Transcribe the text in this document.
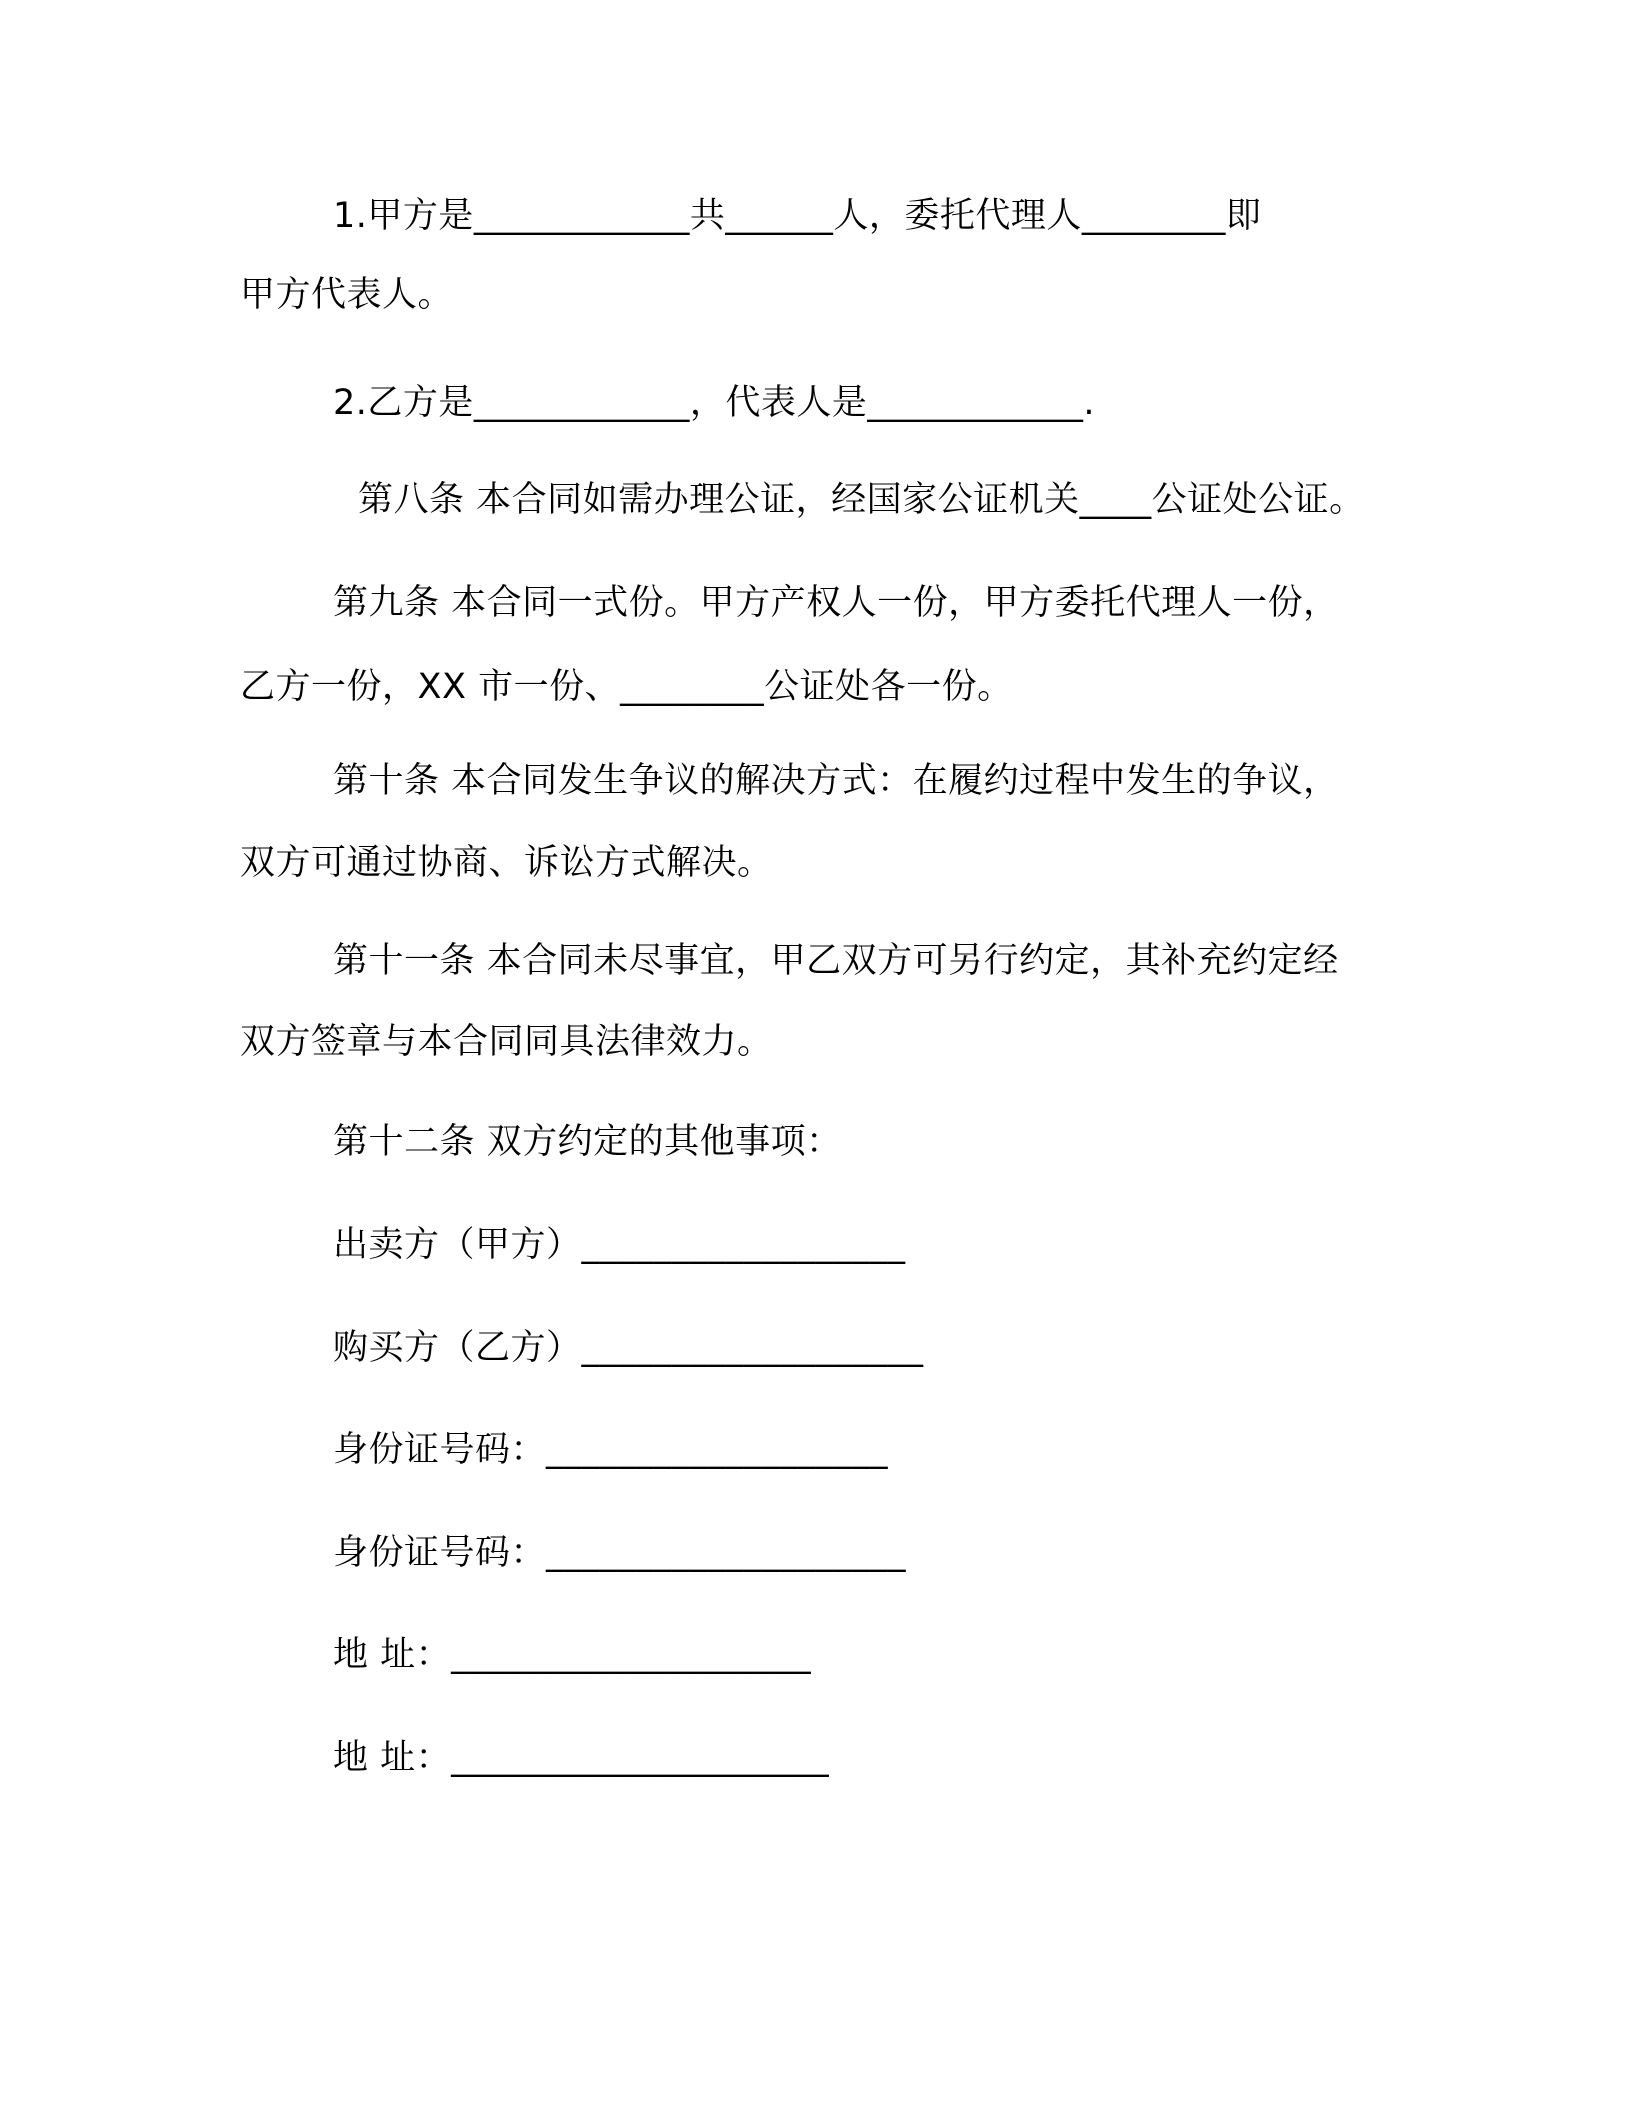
1.甲方是____________共______人，委托代理人________即
甲方代表人。
2.乙方是____________，代表人是____________.
第八条 本合同如需办理公证，经国家公证机关____公证处公证。
第九条 本合同一式份。甲方产权人一份，甲方委托代理人一份，
乙方一份，XX 市一份、________公证处各一份。
第十条 本合同发生争议的解决方式：在履约过程中发生的争议，
双方可通过协商、诉讼方式解决。
第十一条 本合同未尽事宜，甲乙双方可另行约定，其补充约定经
双方签章与本合同同具法律效力。
第十二条 双方约定的其他事项：
出卖方（甲方）__________________
购买方（乙方）___________________
身份证号码：___________________
身份证号码：____________________
地 址：____________________
地 址：_____________________
